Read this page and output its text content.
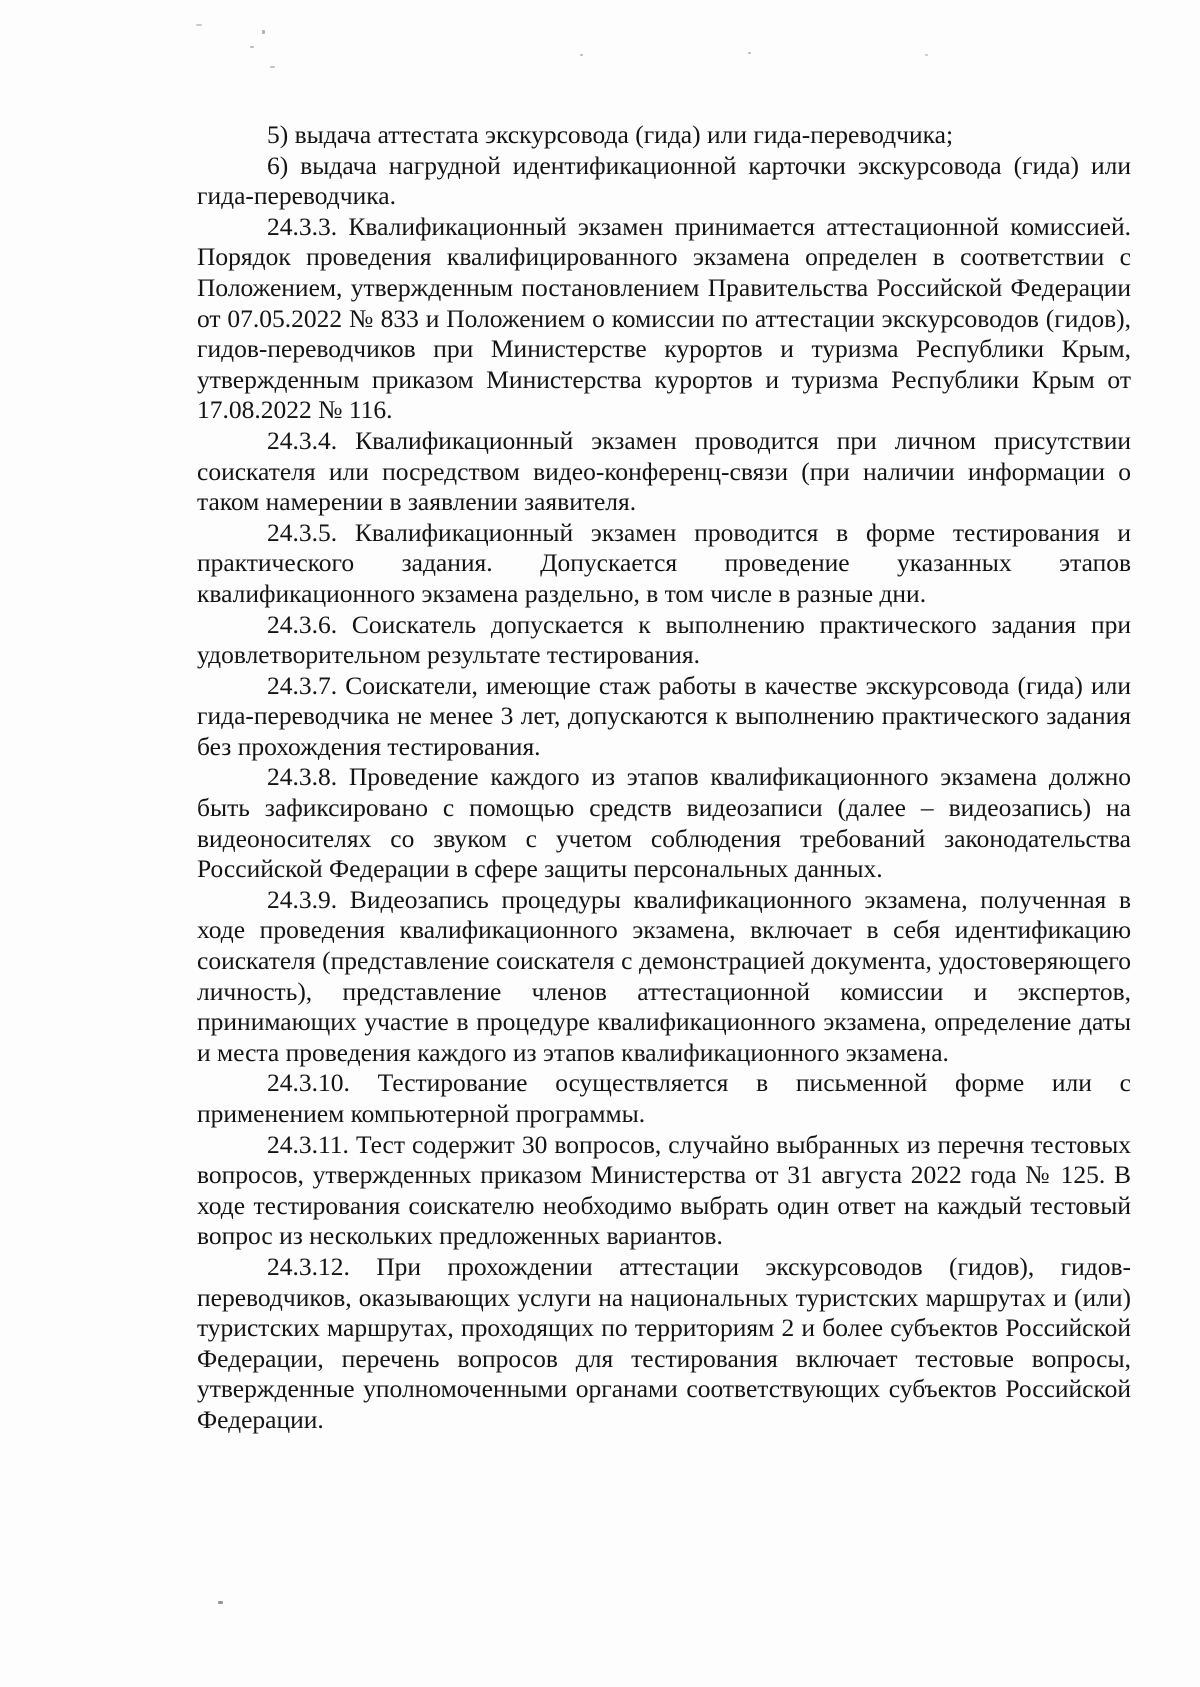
5) выдача аттестата экскурсовода (гида) или гида-переводчика;

6) выдача нагрудной идентификационной карточки экскурсовода (гида) или гида-переводчика.

24.3.3. Квалификационный экзамен принимается аттестационной комиссией. Порядок проведения квалифицированного экзамена определен в соответствии с Положением, утвержденным постановлением Правительства Российской Федерации от 07.05.2022 № 833 и Положением о комиссии по аттестации экскурсоводов (гидов), гидов-переводчиков при Министерстве курортов и туризма Республики Крым, утвержденным приказом Министерства курортов и туризма Республики Крым от 17.08.2022 № 116.

24.3.4. Квалификационный экзамен проводится при личном присутствии соискателя или посредством видео-конференц-связи (при наличии информации о таком намерении в заявлении заявителя.

24.3.5. Квалификационный экзамен проводится в форме тестирования и практического задания. Допускается проведение указанных этапов квалификационного экзамена раздельно, в том числе в разные дни.

24.3.6. Соискатель допускается к выполнению практического задания при удовлетворительном результате тестирования.

24.3.7. Соискатели, имеющие стаж работы в качестве экскурсовода (гида) или гида-переводчика не менее 3 лет, допускаются к выполнению практического задания без прохождения тестирования.

24.3.8. Проведение каждого из этапов квалификационного экзамена должно быть зафиксировано с помощью средств видеозаписи (далее – видеозапись) на видеоносителях со звуком с учетом соблюдения требований законодательства Российской Федерации в сфере защиты персональных данных.

24.3.9. Видеозапись процедуры квалификационного экзамена, полученная в ходе проведения квалификационного экзамена, включает в себя идентификацию соискателя (представление соискателя с демонстрацией документа, удостоверяющего личность), представление членов аттестационной комиссии и экспертов, принимающих участие в процедуре квалификационного экзамена, определение даты и места проведения каждого из этапов квалификационного экзамена.

24.3.10. Тестирование осуществляется в письменной форме или с применением компьютерной программы.

24.3.11. Тест содержит 30 вопросов, случайно выбранных из перечня тестовых вопросов, утвержденных приказом Министерства от 31 августа 2022 года № 125. В ходе тестирования соискателю необходимо выбрать один ответ на каждый тестовый вопрос из нескольких предложенных вариантов.

24.3.12. При прохождении аттестации экскурсоводов (гидов), гидов-переводчиков, оказывающих услуги на национальных туристских маршрутах и (или) туристских маршрутах, проходящих по территориям 2 и более субъектов Российской Федерации, перечень вопросов для тестирования включает тестовые вопросы, утвержденные уполномоченными органами соответствующих субъектов Российской Федерации.
